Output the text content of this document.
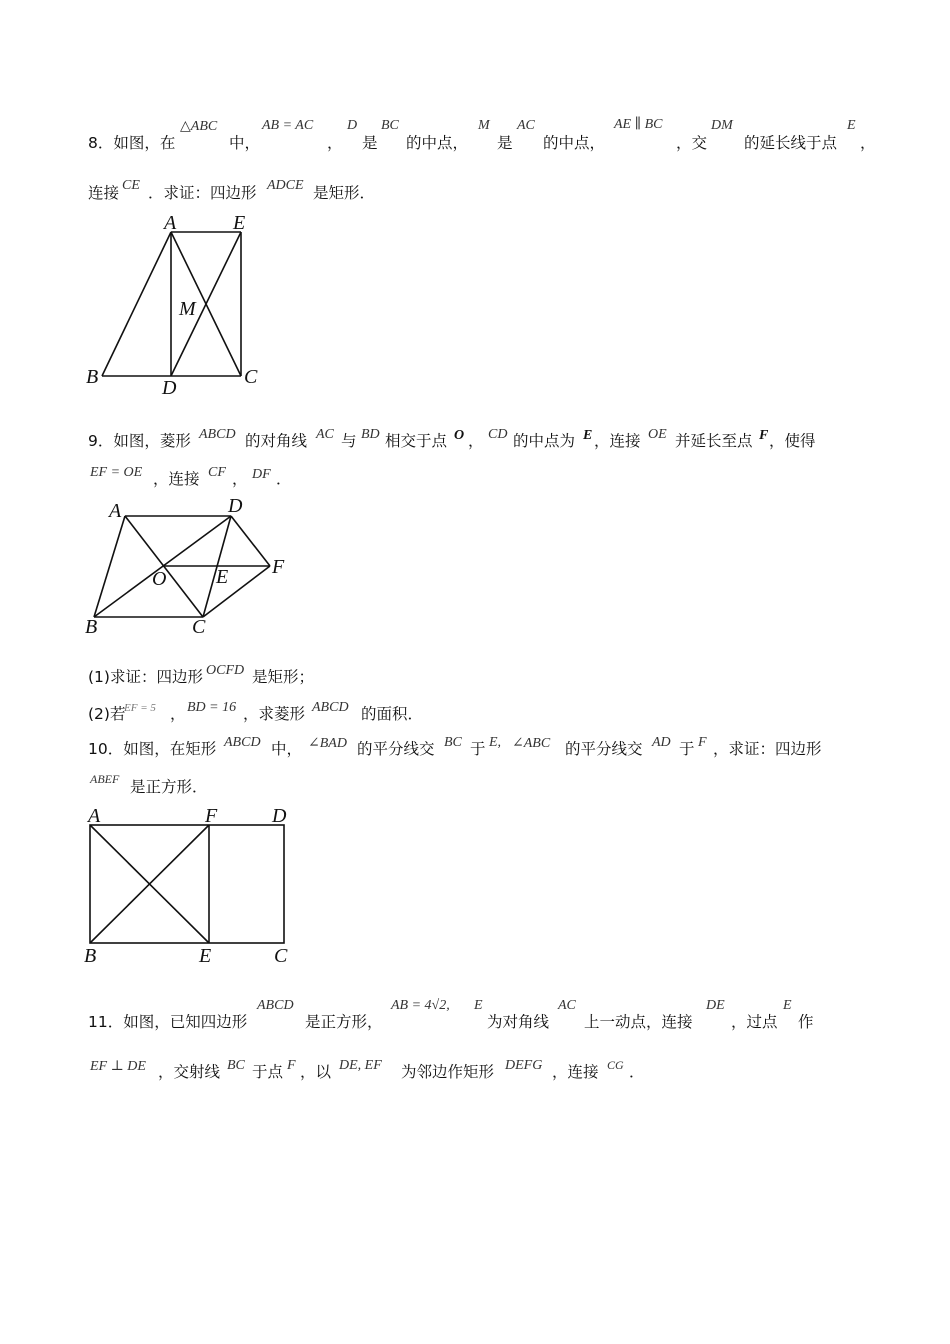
8．如图，在
△ABC
中，
AB = AC
，
D
是
BC
的中点，
M
是
AC
的中点，
AE ∥ BC
，交
DM
的延长线于点
E
，
连接 CE ．求证：四边形 ADCE 是矩形．
A	E
M
B	D	C
9．如图，菱形 ABCD 的对角线 AC 与 BD 相交于点 O ， CD 的中点为 E ，连接 OE 并延长至点 F ，使得
EF = OE ，连接 CF ， DF ．
A	D
O E F
B	C
(1)求证：四边形 OCFD 是矩形；
(2)若
EF = 5 ， BD = 16 ，求菱形 ABCD 的面积．
10．如图，在矩形 ABCD 中， ∠BAD 的平分线交 BC 于 E, ∠ABC 的平分线交 AD 于 F ，求证：四边形
ABEF 是正方形．
A	F	D
B	E	C
11．如图，已知四边形
ABCD
是正方形，
AB = 4√2, E
为对角线
AC
上一动点，连接
DE
，过点
E
作
EF ⊥ DE ，交射线 BC 于点 F ，以 DE, EF 为邻边作矩形 DEFG ，连接 CG ．
